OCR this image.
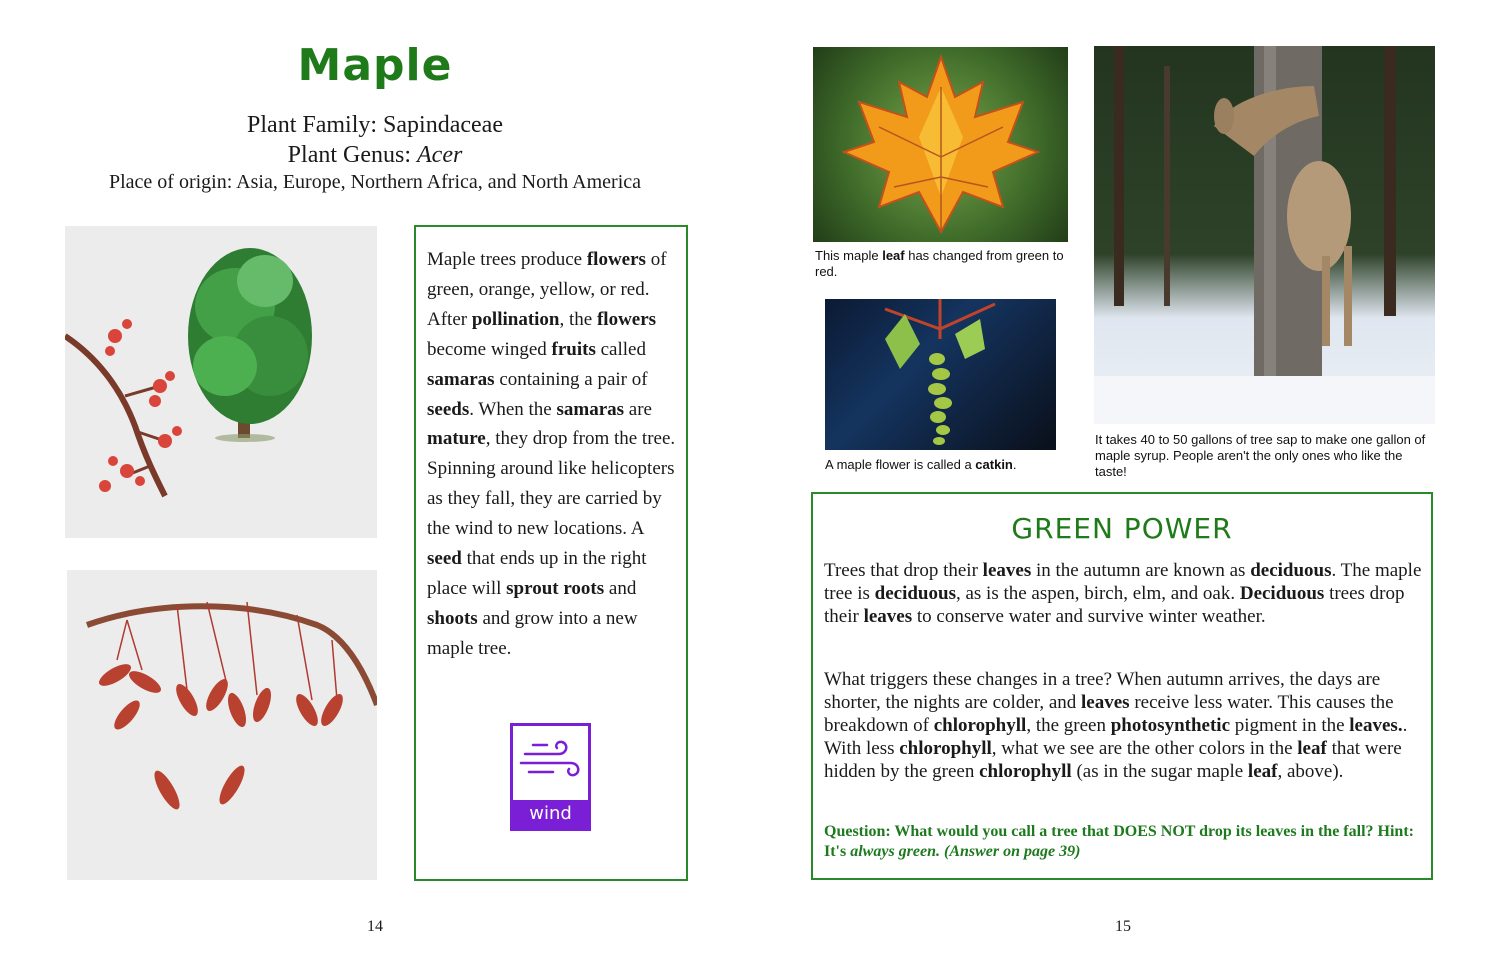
Maple
Plant Family: Sapindaceae
Plant Genus: Acer
Place of origin: Asia, Europe, Northern Africa, and North America
Maple trees produce flowers of green, orange, yellow, or red. After pollination, the flowers become winged fruits called samaras containing a pair of seeds. When the samaras are mature, they drop from the tree. Spinning around like helicopters as they fall, they are carried by the wind to new locations. A seed that ends up in the right place will sprout roots and shoots and grow into a new maple tree.
wind
14
This maple leaf has changed from green to red.
A maple flower is called a catkin.
It takes 40 to 50 gallons of tree sap to make one gallon of maple syrup. People aren't the only ones who like the taste!
GREEN POWER
Trees that drop their leaves in the autumn are known as deciduous. The maple tree is deciduous, as is the aspen, birch, elm, and oak. Deciduous trees drop their leaves to conserve water and survive winter weather.
What triggers these changes in a tree? When autumn arrives, the days are shorter, the nights are colder, and leaves receive less water. This causes the breakdown of chlorophyll, the green photosynthetic pigment in the leaves.. With less chlorophyll, what we see are the other colors in the leaf that were hidden by the green chlorophyll (as in the sugar maple leaf, above).
Question: What would you call a tree that DOES NOT drop its leaves in the fall? Hint: It's always green. (Answer on page 39)
15
